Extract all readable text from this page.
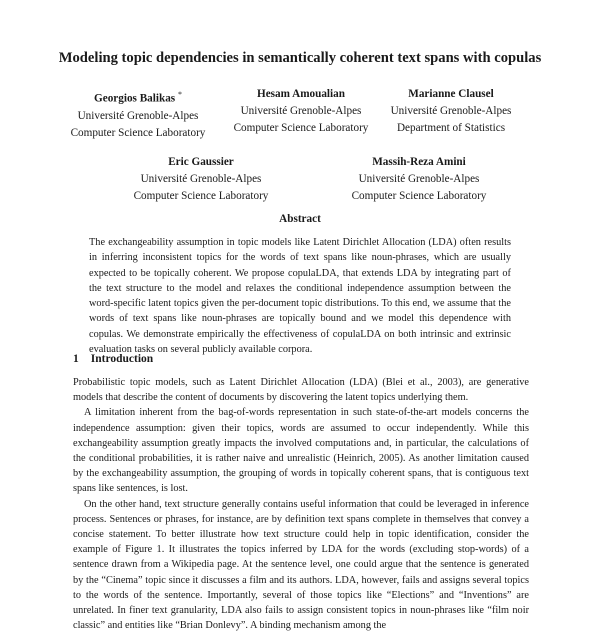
Modeling topic dependencies in semantically coherent text spans with copulas
Georgios Balikas *
Université Grenoble-Alpes
Computer Science Laboratory
Hesam Amoualian
Université Grenoble-Alpes
Computer Science Laboratory
Marianne Clausel
Université Grenoble-Alpes
Department of Statistics
Eric Gaussier
Université Grenoble-Alpes
Computer Science Laboratory
Massih-Reza Amini
Université Grenoble-Alpes
Computer Science Laboratory
Abstract
The exchangeability assumption in topic models like Latent Dirichlet Allocation (LDA) often results in inferring inconsistent topics for the words of text spans like noun-phrases, which are usually expected to be topically coherent. We propose copulaLDA, that extends LDA by integrating part of the text structure to the model and relaxes the conditional independence assumption between the word-specific latent topics given the per-document topic distributions. To this end, we assume that the words of text spans like noun-phrases are topically bound and we model this dependence with copulas. We demonstrate empirically the effectiveness of copulaLDA on both intrinsic and extrinsic evaluation tasks on several publicly available corpora.
1 Introduction

Probabilistic topic models, such as Latent Dirichlet Allocation (LDA) (Blei et al., 2003), are generative models that describe the content of documents by discovering the latent topics underlying them.

A limitation inherent from the bag-of-words representation in such state-of-the-art models concerns the independence assumption: given their topics, words are assumed to occur independently. While this exchangeability assumption greatly impacts the involved computations and, in particular, the calculations of the conditional probabilities, it is rather naive and unrealistic (Heinrich, 2005). As another limitation caused by the exchangeability assumption, the grouping of words in topically coherent spans, that is contiguous text spans like sentences, is lost.

On the other hand, text structure generally contains useful information that could be leveraged in inference process. Sentences or phrases, for instance, are by definition text spans complete in themselves that convey a concise statement. To better illustrate how text structure could help in topic identification, consider the example of Figure 1. It illustrates the topics inferred by LDA for the words (excluding stop-words) of a sentence drawn from a Wikipedia page. At the sentence level, one could argue that the sentence is generated by the “Cinema” topic since it discusses a film and its authors. LDA, however, fails and assigns several topics to the words of the sentence. Importantly, several of those topics like “Elections” and “Inventions” are unrelated. In finer text granularity, LDA also fails to assign consistent topics in noun-phrases like “film noir classic” and entities like “Brian Donlevy”. A binding mechanism among the
